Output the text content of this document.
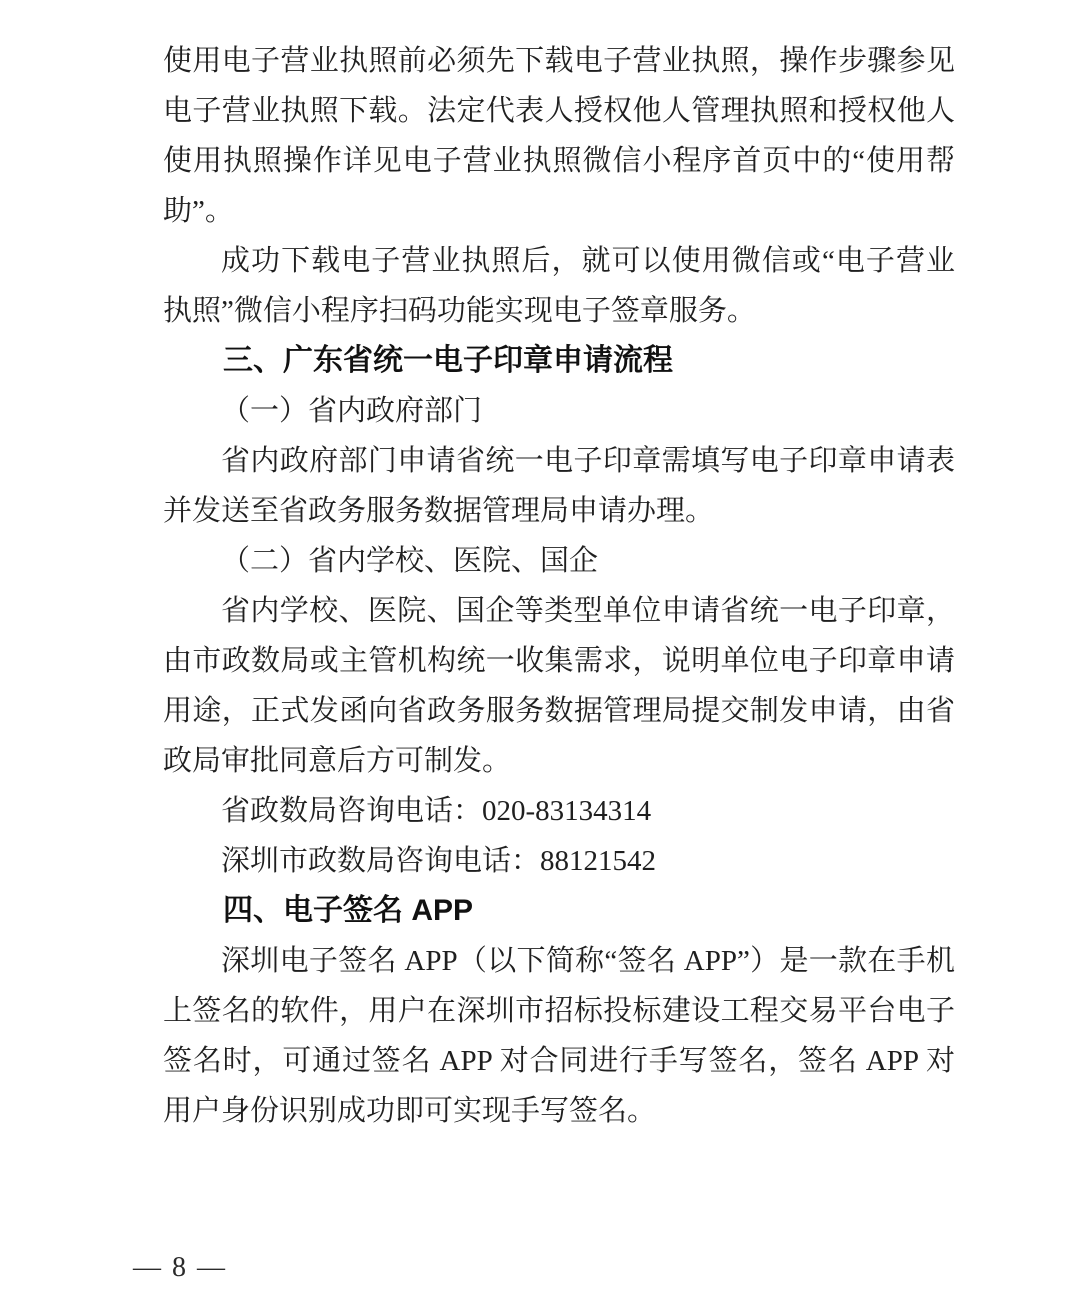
使用电子营业执照前必须先下载电子营业执照，操作步骤参见电子营业执照下载。法定代表人授权他人管理执照和授权他人使用执照操作详见电子营业执照微信小程序首页中的“使用帮助”。

成功下载电子营业执照后，就可以使用微信或“电子营业执照”微信小程序扫码功能实现电子签章服务。

三、广东省统一电子印章申请流程

（一）省内政府部门

省内政府部门申请省统一电子印章需填写电子印章申请表并发送至省政务服务数据管理局申请办理。

（二）省内学校、医院、国企

省内学校、医院、国企等类型单位申请省统一电子印章，由市政数局或主管机构统一收集需求，说明单位电子印章申请用途，正式发函向省政务服务数据管理局提交制发申请，由省政局审批同意后方可制发。

省政数局咨询电话：020-83134314

深圳市政数局咨询电话：88121542

四、电子签名 APP

深圳电子签名 APP（以下简称“签名 APP”）是一款在手机上签名的软件，用户在深圳市招标投标建设工程交易平台电子签名时，可通过签名 APP 对合同进行手写签名，签名 APP 对用户身份识别成功即可实现手写签名。

— 8 —
